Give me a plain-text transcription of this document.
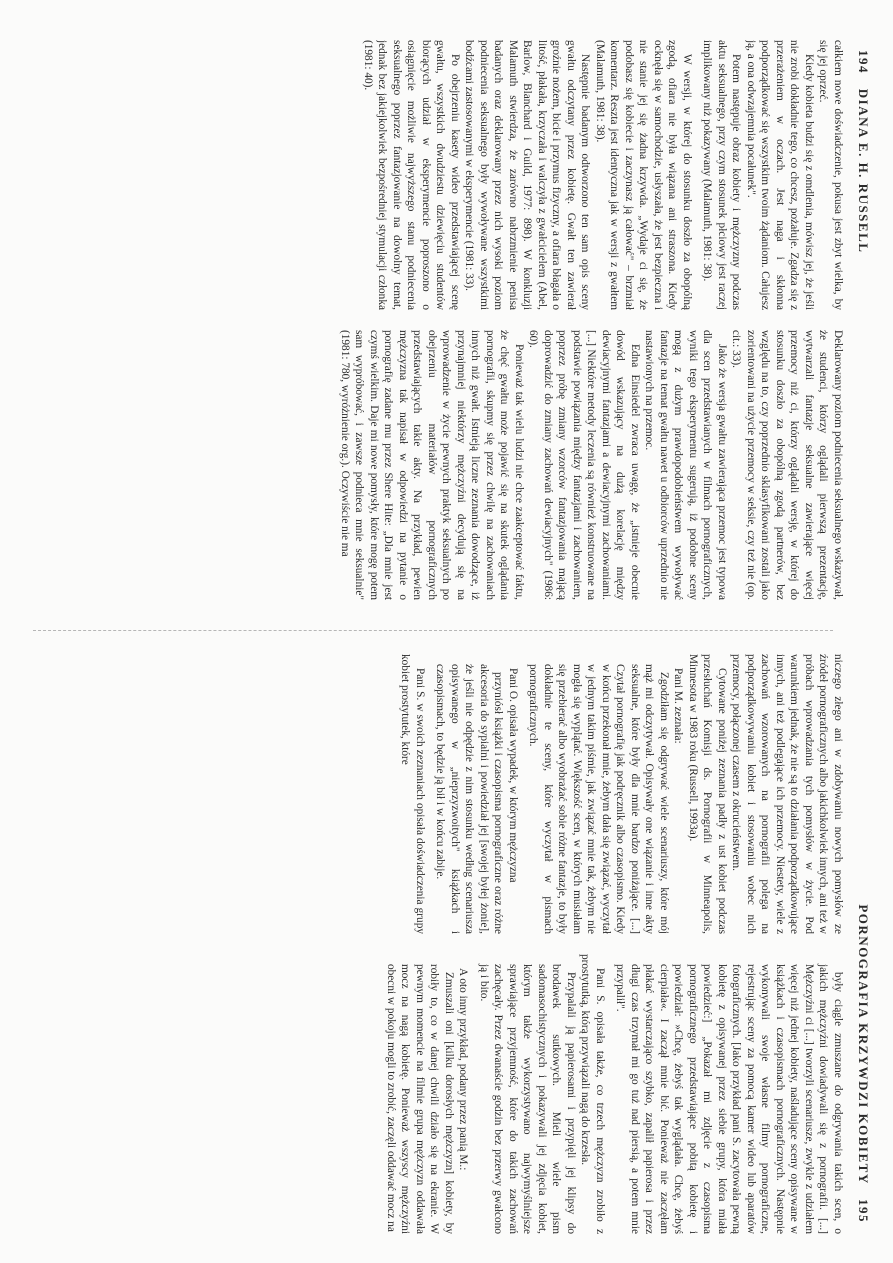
194 DIANA E. H. RUSSELL

całkiem nowe doświadczenie, pokusa jest zbyt wielka, by się jej oprzeć.

Kiedy kobieta budzi się z omdlenia, mówisz jej, że jeśli nie zrobi dokładnie tego, co chcesz, pożałuje. Zgadza się z przerażeniem w oczach. Jest naga i skłonna podporządkować się wszystkim twoim żądaniom. Całujesz ją, a ona odwzajemnia pocałunek".

Potem następuje obraz kobiety i mężczyzny podczas aktu seksualnego, przy czym stosunek płciowy jest raczej implikowany niż pokazywany (Malamuth, 1981: 38).

W wersji, w której do stosunku doszło za obopólną zgodą, ofiara nie była wiązana ani straszona. Kiedy ocknęła się w samochodzie, usłyszała, że jest bezpieczna i nie stanie jej się żadna krzywda. „Wydaje ci się, że podobasz się kobiecie i zaczynasz ją całować" – brzmiał komentarz. Reszta jest identyczna jak w wersji z gwałtem (Malamuth, 1981: 38).

Następnie badanym odtworzono ten sam opis sceny gwałtu odczytany przez kobietę. Gwałt ten zawierał groźnie nożem, bicie i przymus fizyczny, a ofiara błagała o litość, płakała, krzyczała i walczyła z gwałcicielem (Abel, Barlow, Blanchard i Guild, 1977: 898). W konkluzji Malamuth stwierdza, że zarówno nabrzmienie penisa badanych oraz deklarowany przez nich wysoki poziom podniecenia seksualnego były wywoływane wszystkimi bodźcami zastosowanymi w eksperymencie (1981: 33).

Po obejrzeniu kasety wideo przedstawiającej scenę gwałtu, wszystkich dwudziestu dziewięciu studentów biorących udział w eksperymencie poproszono o osiągnięcie możliwie najwyższego stanu podniecenia seksualnego poprzez fantazjowanie na dowolny temat, jednak bez jakiejkolwiek bezpośredniej stymulacji członka (1981: 40).

Deklarowany poziom podniecenia seksualnego wskazywał, że studenci, którzy oglądali pierwszą prezentację, wytwarzali fantazje seksualne zawierające więcej przemocy niż ci, którzy oglądali wersję, w której do stosunku doszło za obopólną zgodą partnerów, bez względu na to, czy poprzednio sklasyfikowani zostali jako zorientowani na użycie przemocy w seksie, czy też nie (op. cit.: 33).

Jako że wersja gwałtu zawierająca przemoc jest typowa dla scen przedstawianych w filmach pornograficznych, wyniki tego eksperymentu sugerują, iż podobne sceny mogą z dużym prawdopodobieństwem wywoływać fantazje na temat gwałtu nawet u odbiorców uprzednio nie nastawionych na przemoc.

Edna Einsiedel zwraca uwagę, że „istnieje obecnie dowód wskazujący na dużą korelację między dewiacyjnymi fantazjami a dewiacyjnymi zachowaniami. [...] Niektóre metody leczenia są również konstruowane na podstawie powiązania między fantazjami i zachowaniem, poprzez próbę zmiany wzorców fantazjowania mającą doprowadzić do zmiany zachowań dewiacyjnych" (1986: 60).

Ponieważ tak wielu ludzi nie chce zaakceptować faktu, że chęć gwałtu może pojawić się na skutek oglądania pornografii, skupmy się przez chwilę na zachowaniach innych niż gwałt. Istnieją liczne zeznania dowodzące, iż przynajmniej niektórzy mężczyźni decydują się na wprowadzenie w życie pewnych praktyk seksualnych po obejrzeniu materiałów pornograficznych przedstawiających takie akty. Na przykład, pewien mężczyzna tak napisał w odpowiedzi na pytanie o pornografię zadane mu przez Shere Hite: „Dla mnie jest czymś wielkim. Daje mi nowe pomysły, które mogę potem sam wypróbować, i zawsze podnieca mnie seksualnie" (1981: 780, wyróżnienie org.). Oczywiście nie ma

PORNOGRAFIA KRZYWDZI KOBIETY 195

niczego złego ani w zdobywaniu nowych pomysłów ze źródeł pornograficznych albo jakichkolwiek innych, ani też w próbach wprowadzania tych pomysłów w życie. Pod warunkiem jednak, że nie są to działania podporządkowujące innych, ani też podlegające ich przemocy. Niestety, wiele z zachowań wzorowanych na pornografii polega na podporządkowywaniu kobiet i stosowaniu wobec nich przemocy, połączonej czasem z okrucieństwem.

Cytowane poniżej zeznania padły z ust kobiet podczas przesłuchań Komisji ds. Pornografii w Minneapolis, Minnesota w 1983 roku (Russell, 1993a).

Pani M. zeznała:

Zgodziłam się odgrywać wiele scenariuszy, które mój mąż mi odczytywał. Opisywały one wiązanie i inne akty seksualne, które były dla mnie bardzo poniżające. [...] Czytał pornografię jak podręcznik albo czasopismo. Kiedy w końcu przekonał mnie, żebym dała się związać, wyczytał w jednym takim piśmie, jak związać mnie tak, żebym nie mogła się wyplątać. Większość scen, w których musiałam się przebierać albo wyobrażać sobie różne fantazje, to były dokładnie te sceny, które wyczytał w pismach pornograficznych.

Pani O. opisała wypadek, w którym mężczyzna

przyniósł książki i czasopisma pornograficzne oraz różne akcesoria do sypialni i powiedział jej [swojej byłej żonie], że jeśli nie odpędzie z nim stosunku według scenariusza opisywanego w „nieprzyzwoitych" książkach i czasopismach, to będzie ją bił i w końcu zabije.

Pani S. w swoich zeznaniach opisała doświadczenia grupy kobiet prostytutek, które

były ciągle zmuszane do odgrywania takich scen, o jakich mężczyźni dowiadywali się z pornografii. [...] Mężczyźni ci [...] tworzyli scenariusze, zwykle z udziałem więcej niż jednej kobiety, naśladujące sceny opisywane w książkach i czasopismach pornograficznych. Następnie wykonywali swoje własne filmy pornograficzne, rejestrując sceny za pomocą kamer wideo lub aparatów fotograficznych. [Jako przykład pani S. zacytowała pewną kobietę z opisywanej przez siebie grupy, która miała powiedzieć:] „Pokazał mi zdjęcie z czasopisma pornograficznego przedstawiające pobitą kobietę i powiedział: »Chcę, żebyś tak wyglądała. Chcę, żebyś cierpiała«. I zaczął mnie bić. Ponieważ nie zaczęłam płakać wystarczająco szybko, zapalił papierosa i przez długi czas trzymał mi go tuż nad piersią, a potem mnie przypalił".

Pani S. opisała także, co trzech mężczyzn zrobiło z prostytutką, którą przywiązali nagą do krzesła.

Przypalali ją papierosami i przypięli jej klipsy do brodawek sutkowych. Mieli wiele pism sadomasochistycznych i pokazywali jej zdjęcia kobiet, którym także wykorzystywano najwymyślniejsze sprawiające przyjemność, które do takich zachowań zachęcały. Przez dwanaście godzin bez przerwy gwałcono ją i bito.

A oto inny przykład, podany przez panią M.:

Zmuszali oni [kilku dorosłych mężczyzn] kobiety, by robiły to, co w danej chwili działo się na ekranie. W pewnym momencie na filmie grupa mężczyzn oddawała mocz na nagą kobietę. Ponieważ wszyscy mężczyźni obecni w pokoju mogli to zrobić, zaczęli oddawać mocz na
